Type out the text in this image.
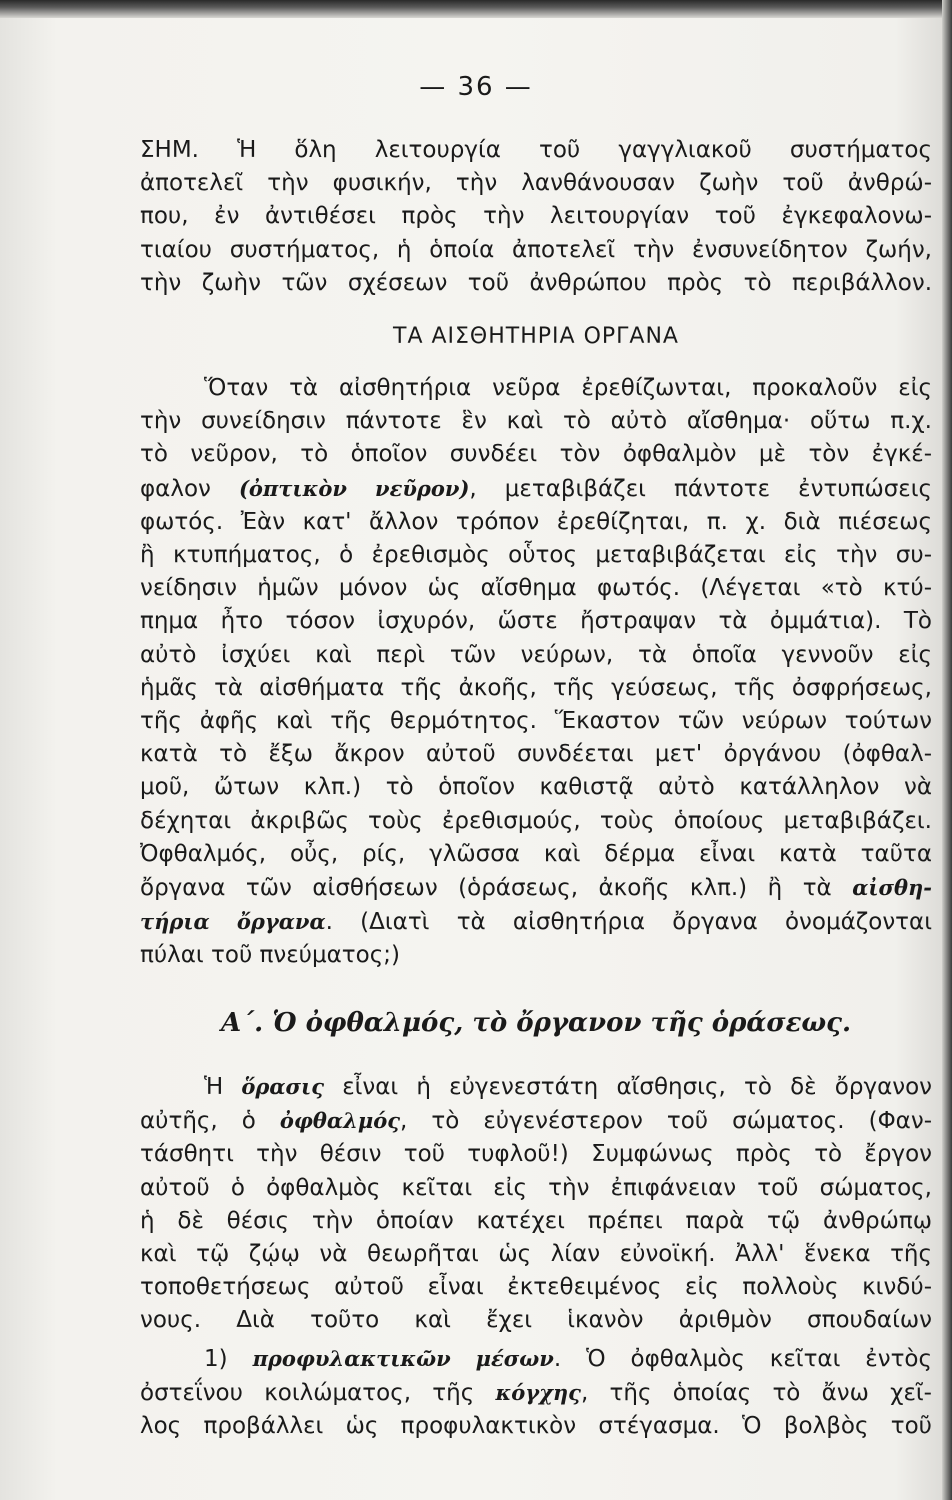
— 36 —
ΣΗΜ. Ἡ ὅλη λειτουργία τοῦ γαγγλιακοῦ συστήματος
ἀποτελεῖ τὴν φυσικήν, τὴν λανθάνουσαν ζωὴν τοῦ ἀνθρώ-
που, ἐν ἀντιθέσει πρὸς τὴν λειτουργίαν τοῦ ἐγκεφαλονω-
τιαίου συστήματος, ἡ ὁποία ἀποτελεῖ τὴν ἐνσυνείδητον ζωήν,
τὴν ζωὴν τῶν σχέσεων τοῦ ἀνθρώπου πρὸς τὸ περιβάλλον.
ΤΑ ΑΙΣΘΗΤΗΡΙΑ ΟΡΓΑΝΑ
Ὅταν τὰ αἰσθητήρια νεῦρα ἐρεθίζωνται, προκαλοῦν εἰς
τὴν συνείδησιν πάντοτε ἓν καὶ τὸ αὐτὸ αἴσθημα· οὕτω π.χ.
τὸ νεῦρον, τὸ ὁποῖον συνδέει τὸν ὀφθαλμὸν μὲ τὸν ἐγκέ-
φαλον (ὀπτικὸν νεῦρον), μεταβιβάζει πάντοτε ἐντυπώσεις
φωτός. Ἐὰν κατ' ἄλλον τρόπον ἐρεθίζηται, π. χ. διὰ πιέσεως
ἢ κτυπήματος, ὁ ἐρεθισμὸς οὗτος μεταβιβάζεται εἰς τὴν συ-
νείδησιν ἡμῶν μόνον ὡς αἴσθημα φωτός. (Λέγεται «τὸ κτύ-
πημα ἦτο τόσον ἰσχυρόν, ὥστε ἤστραψαν τὰ ὀμμάτια). Τὸ
αὐτὸ ἰσχύει καὶ περὶ τῶν νεύρων, τὰ ὁποῖα γεννοῦν εἰς
ἡμᾶς τὰ αἰσθήματα τῆς ἀκοῆς, τῆς γεύσεως, τῆς ὀσφρήσεως,
τῆς ἀφῆς καὶ τῆς θερμότητος. Ἕκαστον τῶν νεύρων τούτων
κατὰ τὸ ἔξω ἄκρον αὐτοῦ συνδέεται μετ' ὀργάνου (ὀφθαλ-
μοῦ, ὤτων κλπ.) τὸ ὁποῖον καθιστᾷ αὐτὸ κατάλληλον νὰ
δέχηται ἀκριβῶς τοὺς ἐρεθισμούς, τοὺς ὁποίους μεταβιβάζει.
Ὀφθαλμός, οὖς, ρίς, γλῶσσα καὶ δέρμα εἶναι κατὰ ταῦτα
ὄργανα τῶν αἰσθήσεων (ὁράσεως, ἀκοῆς κλπ.) ἢ τὰ αἰσθη-
τήρια ὄργανα. (Διατὶ τὰ αἰσθητήρια ὄργανα ὀνομάζονται
πύλαι τοῦ πνεύματος;)
Α΄. Ὁ ὀφθαλμός, τὸ ὄργανον τῆς ὁράσεως.
Ἡ ὅρασις εἶναι ἡ εὐγενεστάτη αἴσθησις, τὸ δὲ ὄργανον
αὐτῆς, ὁ ὀφθαλμός, τὸ εὐγενέστερον τοῦ σώματος. (Φαν-
τάσθητι τὴν θέσιν τοῦ τυφλοῦ!) Συμφώνως πρὸς τὸ ἔργον
αὐτοῦ ὁ ὀφθαλμὸς κεῖται εἰς τὴν ἐπιφάνειαν τοῦ σώματος,
ἡ δὲ θέσις τὴν ὁποίαν κατέχει πρέπει παρὰ τῷ ἀνθρώπῳ
καὶ τῷ ζῴῳ νὰ θεωρῆται ὡς λίαν εὐνοϊκή. Ἀλλ' ἕνεκα τῆς
τοποθετήσεως αὐτοῦ εἶναι ἐκτεθειμένος εἰς πολλοὺς κινδύ-
νους. Διὰ τοῦτο καὶ ἔχει ἱκανὸν ἀριθμὸν σπουδαίων
1) προφυλακτικῶν μέσων. Ὁ ὀφθαλμὸς κεῖται ἐντὸς
ὀστεΐνου κοιλώματος, τῆς κόγχης, τῆς ὁποίας τὸ ἄνω χεῖ-
λος προβάλλει ὡς προφυλακτικὸν στέγασμα. Ὁ βολβὸς τοῦ
